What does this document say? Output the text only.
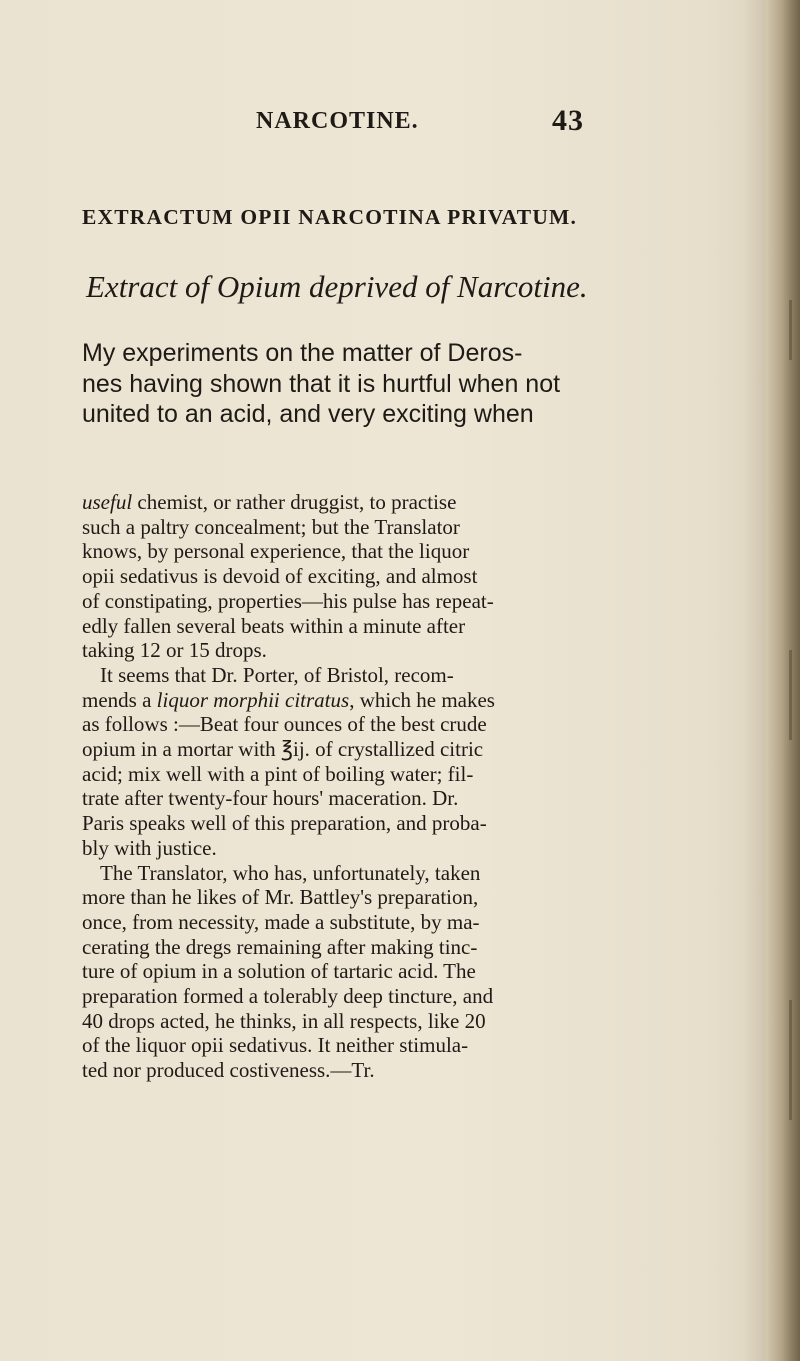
NARCOTINE.	43
EXTRACTUM OPII NARCOTINA PRIVATUM.
Extract of Opium deprived of Narcotine.
My experiments on the matter of Deros-
nes having shown that it is hurtful when not
united to an acid, and very exciting when
useful chemist, or rather druggist, to practise
such a paltry concealment; but the Translator
knows, by personal experience, that the liquor
opii sedativus is devoid of exciting, and almost
of constipating, properties—his pulse has repeat-
edly fallen several beats within a minute after
taking 12 or 15 drops.
It seems that Dr. Porter, of Bristol, recom-
mends a liquor morphii citratus, which he makes
as follows :—Beat four ounces of the best crude
opium in a mortar with ℥ij. of crystallized citric
acid; mix well with a pint of boiling water; fil-
trate after twenty-four hours' maceration. Dr.
Paris speaks well of this preparation, and proba-
bly with justice.
The Translator, who has, unfortunately, taken
more than he likes of Mr. Battley's preparation,
once, from necessity, made a substitute, by ma-
cerating the dregs remaining after making tinc-
ture of opium in a solution of tartaric acid. The
preparation formed a tolerably deep tincture, and
40 drops acted, he thinks, in all respects, like 20
of the liquor opii sedativus. It neither stimula-
ted nor produced costiveness.—Tr.
